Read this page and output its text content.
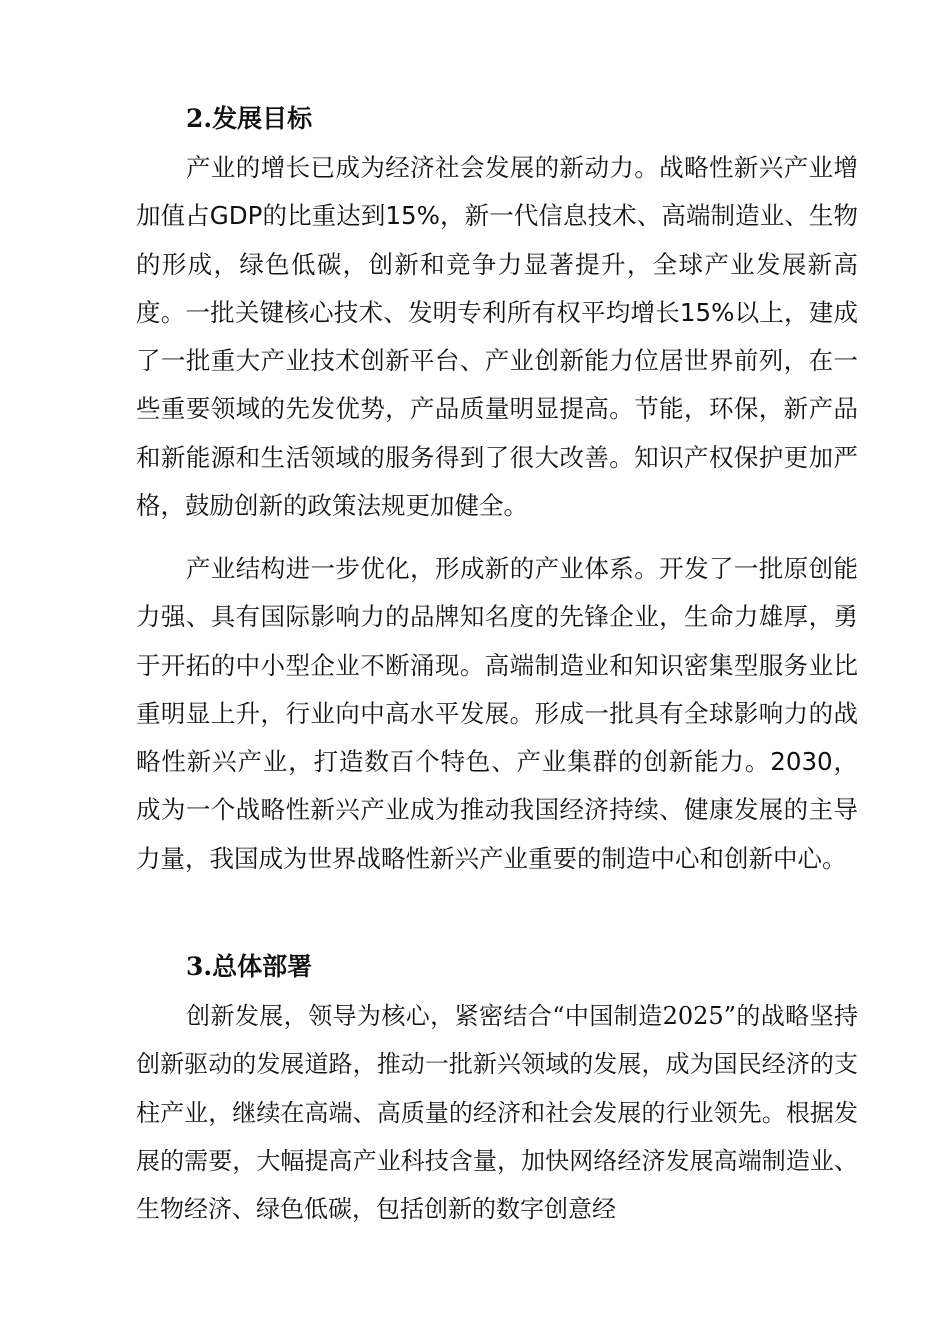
2.发展目标

产业的增长已成为经济社会发展的新动力。战略性新兴产业增加值占GDP的比重达到15%，新一代信息技术、高端制造业、生物的形成，绿色低碳，创新和竞争力显著提升，全球产业发展新高度。一批关键核心技术、发明专利所有权平均增长15%以上，建成了一批重大产业技术创新平台、产业创新能力位居世界前列，在一些重要领域的先发优势，产品质量明显提高。节能，环保，新产品和新能源和生活领域的服务得到了很大改善。知识产权保护更加严格，鼓励创新的政策法规更加健全。

产业结构进一步优化，形成新的产业体系。开发了一批原创能力强、具有国际影响力的品牌知名度的先锋企业，生命力雄厚，勇于开拓的中小型企业不断涌现。高端制造业和知识密集型服务业比重明显上升，行业向中高水平发展。形成一批具有全球影响力的战略性新兴产业，打造数百个特色、产业集群的创新能力。2030，成为一个战略性新兴产业成为推动我国经济持续、健康发展的主导力量，我国成为世界战略性新兴产业重要的制造中心和创新中心。

3.总体部署

创新发展，领导为核心，紧密结合“中国制造2025”的战略坚持创新驱动的发展道路，推动一批新兴领域的发展，成为国民经济的支柱产业，继续在高端、高质量的经济和社会发展的行业领先。根据发展的需要，大幅提高产业科技含量，加快网络经济发展高端制造业、生物经济、绿色低碳，包括创新的数字创意经
